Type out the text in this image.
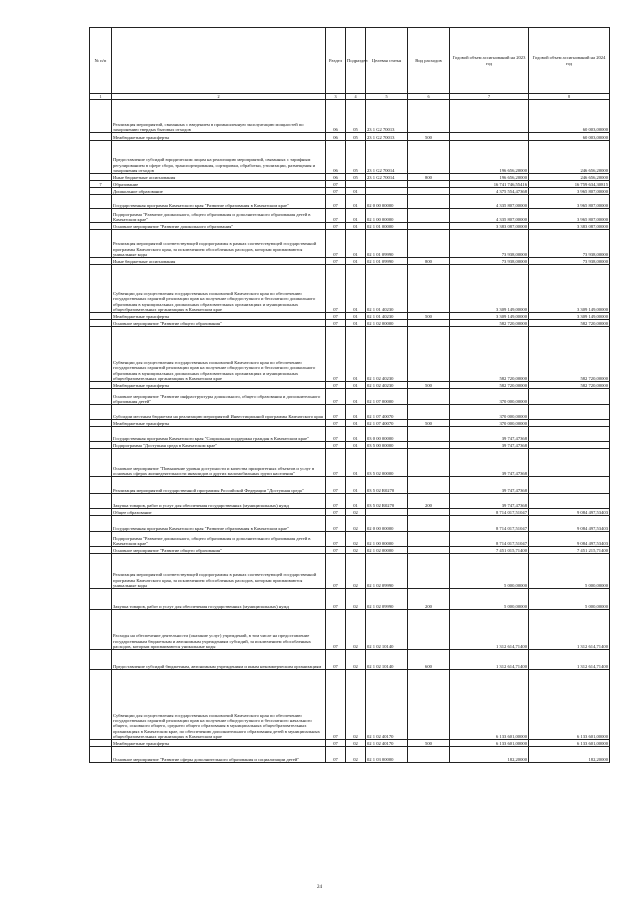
№ п/п		Раздел	Подраздел	Целевая статья	Вид расходов	Годовой объем ассигнований на 2023 год	Годовой объем ассигнований на 2024 год
1	2	3	4	5	6	7	8
	Реализация мероприятий, связанных с введением в промышленную эксплуатацию мощностей по захоронению твердых бытовых отходов	06	05	23 1 G2 70013			60 003,00000
	Межбюджетные трансферты	06	05	23 1 G2 70013	500		60 003,00000
	Предоставление субсидий юридическим лицам на реализацию мероприятий, связанных с тарифным регулированием в сфере сбора, транспортирования, сортировки, обработки, утилизации, размещения и захоронения отходов	06	05	23 1 G2 70014		196 656,20000	246 656,20000
	Иные бюджетные ассигнования	06	05	23 1 G2 70014	800	196 656,20000	246 656,20000
7	Образование	07				16 741 746,55416	16 759 634,30815
	Дошкольное образование	07	01			4 375 554,47368	3 965 807,00000
	Государственная программа Камчатского края "Развитие образования в Камчатском крае"	07	01	02 0 00 00000		4 335 807,00000	3 965 807,00000
	Подпрограмма "Развитие дошкольного, общего образования и дополнительного образования детей в Камчатском крае"	07	01	02 1 00 00000		4 335 807,00000	3 965 807,00000
	Основное мероприятие "Развитие дошкольного образования"	07	01	02 1 01 00000		3 383 087,00000	3 383 087,00000
	Реализация мероприятий соответствующей подпрограммы в рамках соответствующей государственной программы Камчатского края, за исключением обособленных расходов, которым присваиваются уникальные коды	07	01	02 1 01 09990		73 938,00000	73 938,00000
	Иные бюджетные ассигнования	07	01	02 1 01 09990	800	73 938,00000	73 938,00000
	Субвенции для осуществления государственных полномочий Камчатского края по обеспечению государственных гарантий реализации прав на получение общедоступного и бесплатного дошкольного образования в муниципальных дошкольных образовательных организациях и муниципальных общеобразовательных организациях в Камчатском крае	07	01	02 1 01 40230		3 309 149,00000	3 309 149,00000
	Межбюджетные трансферты	07	01	02 1 01 40230	500	3 309 149,00000	3 309 149,00000
	Основное мероприятие "Развитие общего образования"	07	01	02 1 02 00000		582 720,00000	582 720,00000
	Субвенции для осуществления государственных полномочий Камчатского края по обеспечению государственных гарантий реализации прав на получение общедоступного и бесплатного дошкольного образования в муниципальных дошкольных образовательных организациях и муниципальных общеобразовательных организациях в Камчатском крае	07	01	02 1 02 40230		582 720,00000	582 720,00000
	Межбюджетные трансферты	07	01	02 1 02 40230	500	582 720,00000	582 720,00000
	Основное мероприятие "Развитие инфраструктуры дошкольного, общего образования и дополнительного образования детей"	07	01	02 1 07 00000		370 000,00000	
	Субсидии местным бюджетам на реализацию мероприятий Инвестиционной программы Камчатского края	07	01	02 1 07 40070		370 000,00000	
	Межбюджетные трансферты	07	01	02 1 07 40070	500	370 000,00000	
	Государственная программа Камчатского края "Социальная поддержка граждан в Камчатском крае"	07	01	03 0 00 00000		39 747,47368	
	Подпрограмма "Доступная среда в Камчатском крае"	07	01	03 5 00 00000		39 747,47368	
	Основное мероприятие "Повышение уровня доступности и качества приоритетных объектов и услуг в основных сферах жизнедеятельности инвалидов и других маломобильных групп населения"	07	01	03 5 02 00000		39 747,47368	
	Реализация мероприятий государственной программы Российской Федерации "Доступная среда"	07	01	03 5 02 R0270		39 747,47368	
	Закупка товаров, работ и услуг для обеспечения государственных (муниципальных) нужд	07	01	03 5 02 R0270	200	39 747,47368	
	Общее образование	07	02			8 714 017,51047	9 084 497,53403
	Государственная программа Камчатского края "Развитие образования в Камчатском крае"	07	02	02 0 00 00000		8 714 017,51047	9 084 497,53403
	Подпрограмма "Развитие дошкольного, общего образования и дополнительного образования детей в Камчатском крае"	07	02	02 1 00 00000		8 714 017,51047	9 084 497,53403
	Основное мероприятие "Развитие общего образования"	07	02	02 1 02 00000		7 451 015,71400	7 451 215,71400
	Реализация мероприятий соответствующей подпрограммы в рамках соответствующей государственной программы Камчатского края, за исключением обособленных расходов, которым присваиваются уникальные коды	07	02	02 1 02 09990		5 000,00000	5 000,00000
	Закупка товаров, работ и услуг для обеспечения государственных (муниципальных) нужд	07	02	02 1 02 09990	200	5 000,00000	5 000,00000
	Расходы на обеспечение деятельности (оказание услуг) учреждений, в том числе на предоставление государственным бюджетным и автономным учреждениям субсидий, за исключением обособленных расходов, которым присваиваются уникальные коды	07	02	02 1 02 10140		1 312 614,71400	1 312 614,71400
	Предоставление субсидий бюджетным, автономным учреждениям и иным некоммерческим организациям	07	02	02 1 02 10140	600	1 312 614,71400	1 312 614,71400
	Субвенции для осуществления государственных полномочий Камчатского края по обеспечению государственных гарантий реализации прав на получение общедоступного и бесплатного начального общего, основного общего, среднего общего образования в муниципальных общеобразовательных организациях в Камчатском крае, по обеспечению дополнительного образования детей в муниципальных общеобразовательных организациях в Камчатском крае	07	02	02 1 02 40170		6 133 601,00000	6 133 601,00000
	Межбюджетные трансферты	07	02	02 1 02 40170	500	6 133 601,00000	6 133 601,00000
	Основное мероприятие "Развитие сферы дополнительного образования и социализации детей"	07	02	02 1 03 00000		182,20000	182,20000
24
